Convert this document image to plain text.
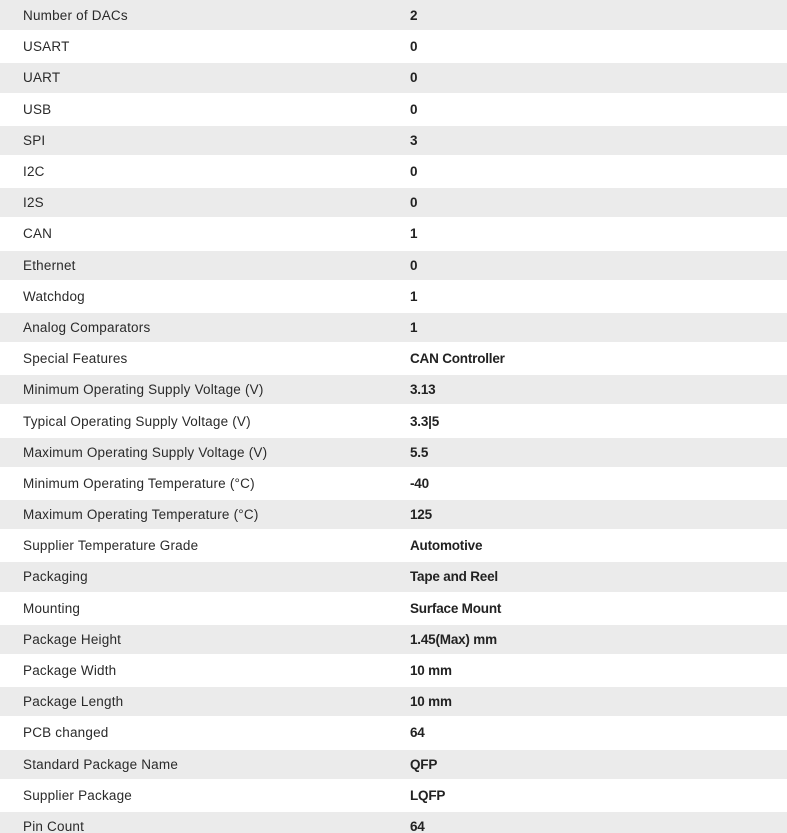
Number of DACs	2
USART	0
UART	0
USB	0
SPI	3
I2C	0
I2S	0
CAN	1
Ethernet	0
Watchdog	1
Analog Comparators	1
Special Features	CAN Controller
Minimum Operating Supply Voltage (V)	3.13
Typical Operating Supply Voltage (V)	3.3|5
Maximum Operating Supply Voltage (V)	5.5
Minimum Operating Temperature (°C)	-40
Maximum Operating Temperature (°C)	125
Supplier Temperature Grade	Automotive
Packaging	Tape and Reel
Mounting	Surface Mount
Package Height	1.45(Max) mm
Package Width	10 mm
Package Length	10 mm
PCB changed	64
Standard Package Name	QFP
Supplier Package	LQFP
Pin Count	64
